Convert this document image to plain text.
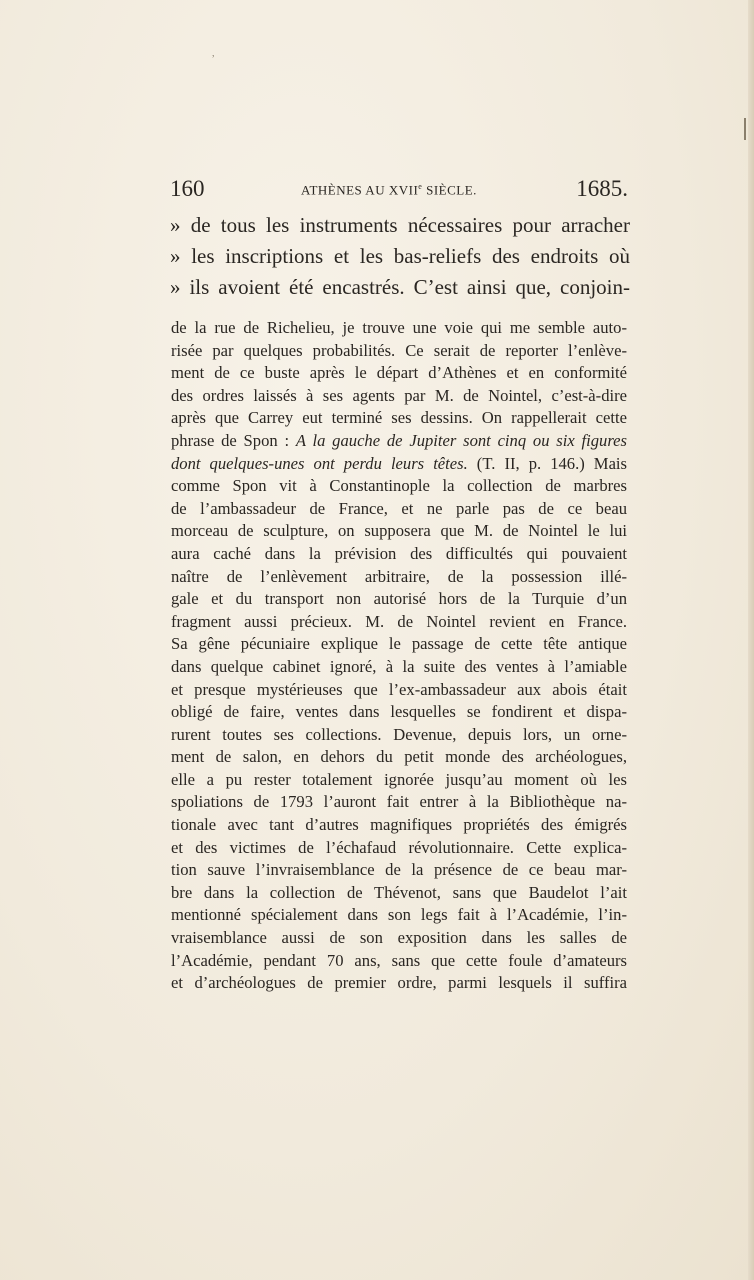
,
160	ATHÈNES AU XVIIe SIÈCLE.	1685.
» de tous les instruments nécessaires pour arracher
» les inscriptions et les bas-reliefs des endroits où
» ils avoient été encastrés. C’est ainsi que, conjoin-
de la rue de Richelieu, je trouve une voie qui me semble auto-
risée par quelques probabilités. Ce serait de reporter l’enlève-
ment de ce buste après le départ d’Athènes et en conformité
des ordres laissés à ses agents par M. de Nointel, c’est-à-dire
après que Carrey eut terminé ses dessins. On rappellerait cette
phrase de Spon : A la gauche de Jupiter sont cinq ou six figures
dont quelques-unes ont perdu leurs têtes. (T. II, p. 146.) Mais
comme Spon vit à Constantinople la collection de marbres
de l’ambassadeur de France, et ne parle pas de ce beau
morceau de sculpture, on supposera que M. de Nointel le lui
aura caché dans la prévision des difficultés qui pouvaient
naître de l’enlèvement arbitraire, de la possession illé-
gale et du transport non autorisé hors de la Turquie d’un
fragment aussi précieux. M. de Nointel revient en France.
Sa gêne pécuniaire explique le passage de cette tête antique
dans quelque cabinet ignoré, à la suite des ventes à l’amiable
et presque mystérieuses que l’ex-ambassadeur aux abois était
obligé de faire, ventes dans lesquelles se fondirent et dispa-
rurent toutes ses collections. Devenue, depuis lors, un orne-
ment de salon, en dehors du petit monde des archéologues,
elle a pu rester totalement ignorée jusqu’au moment où les
spoliations de 1793 l’auront fait entrer à la Bibliothèque na-
tionale avec tant d’autres magnifiques propriétés des émigrés
et des victimes de l’échafaud révolutionnaire. Cette explica-
tion sauve l’invraisemblance de la présence de ce beau mar-
bre dans la collection de Thévenot, sans que Baudelot l’ait
mentionné spécialement dans son legs fait à l’Académie, l’in-
vraisemblance aussi de son exposition dans les salles de
l’Académie, pendant 70 ans, sans que cette foule d’amateurs
et d’archéologues de premier ordre, parmi lesquels il suffira
